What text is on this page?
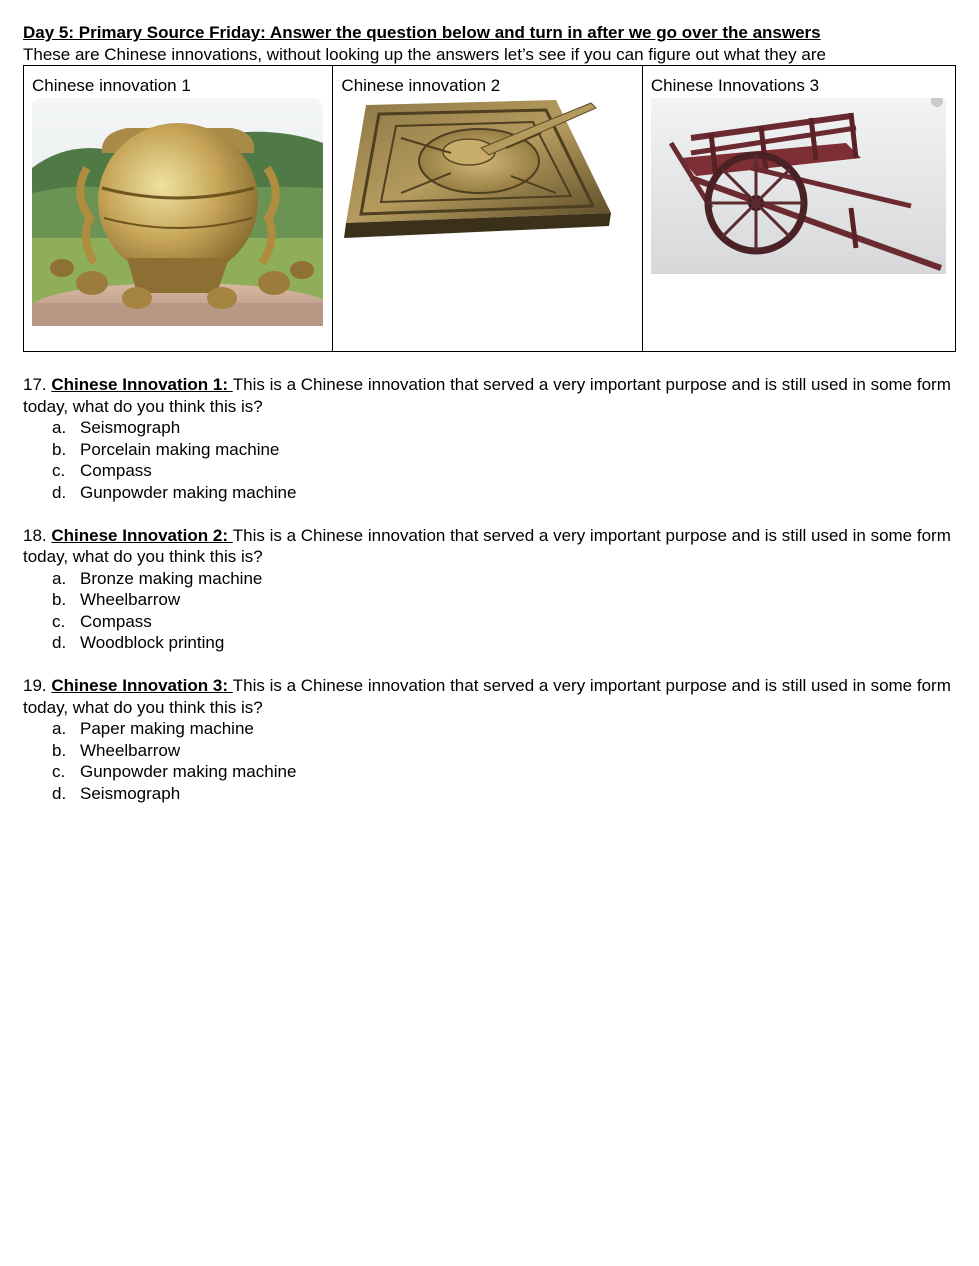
Day 5: Primary Source Friday: Answer the question below and turn in after we go over the answers
These are Chinese innovations, without looking up the answers let’s see if you can figure out what they are
Chinese innovation 1	Chinese innovation 2	Chinese Innovations 3
17. Chinese Innovation 1: This is a Chinese innovation that served a very important purpose and is still used in some form today, what do you think this is?
a. Seismograph
b. Porcelain making machine
c. Compass
d. Gunpowder making machine
18. Chinese Innovation 2: This is a Chinese innovation that served a very important purpose and is still used in some form today, what do you think this is?
a. Bronze making machine
b. Wheelbarrow
c. Compass
d. Woodblock printing
19. Chinese Innovation 3: This is a Chinese innovation that served a very important purpose and is still used in some form today, what do you think this is?
a. Paper making machine
b. Wheelbarrow
c. Gunpowder making machine
d. Seismograph
